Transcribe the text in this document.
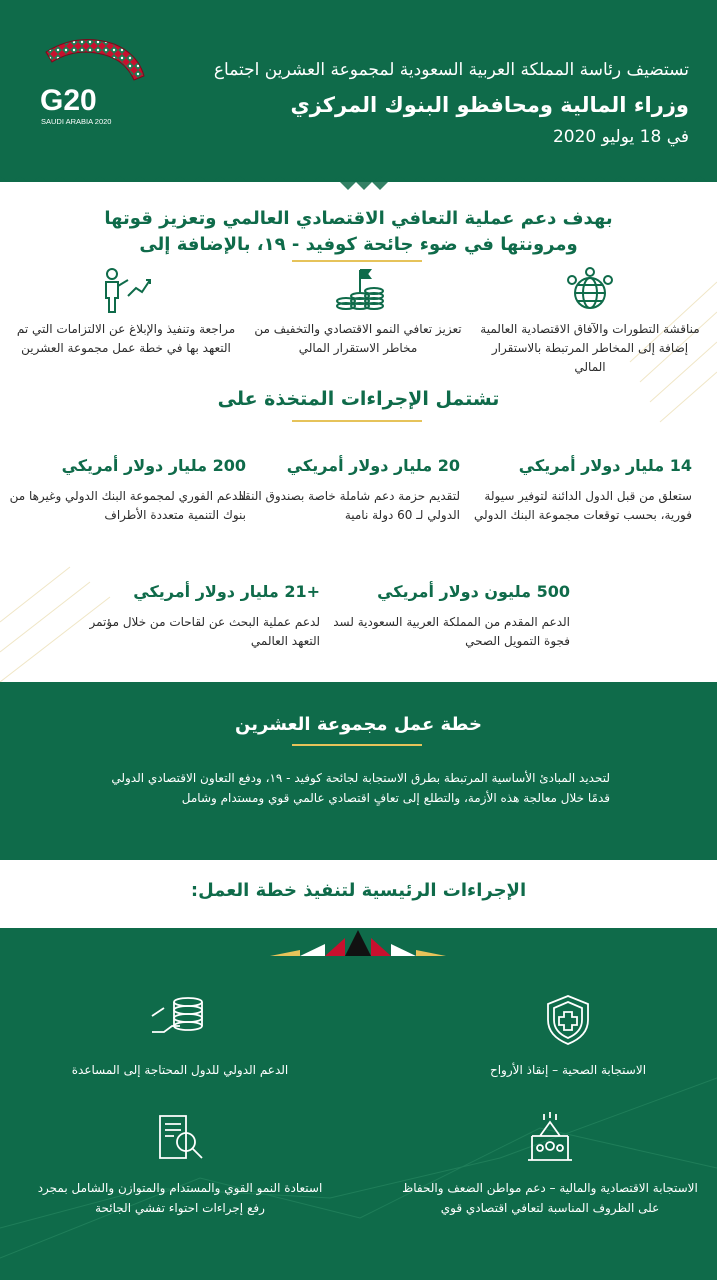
G20
SAUDI ARABIA 2020
تستضيف رئاسة المملكة العربية السعودية لمجموعة العشرين اجتماع
وزراء المالية ومحافظو البنوك المركزي
في 18 يوليو 2020
بهدف دعم عملية التعافي الاقتصادي العالمي وتعزيز قوتها
ومرونتها في ضوء جائحة كوفيد - ١٩، بالإضافة إلى
مناقشة التطورات والآفاق الاقتصادية العالمية إضافة إلى المخاطر المرتبطة بالاستقرار المالي
تعزيز تعافي النمو الاقتصادي والتخفيف من مخاطر الاستقرار المالي
مراجعة وتنفيذ والإبلاغ عن الالتزامات التي تم التعهد بها في خطة عمل مجموعة العشرين
تشتمل الإجراءات المتخذة على
14 مليار دولار أمريكي
ستعلق من قبل الدول الدائنة لتوفير سيولة فورية، بحسب توقعات مجموعة البنك الدولي
20 مليار دولار أمريكي
لتقديم حزمة دعم شاملة خاصة بصندوق النقد الدولي لـ 60 دولة نامية
200 مليار دولار أمريكي
للدعم الفوري لمجموعة البنك الدولي وغيرها من بنوك التنمية متعددة الأطراف
500 مليون دولار أمريكي
الدعم المقدم من المملكة العربية السعودية لسد فجوة التمويل الصحي
+21 مليار دولار أمريكي
لدعم عملية البحث عن لقاحات من خلال مؤتمر التعهد العالمي
خطة عمل مجموعة العشرين
لتحديد المبادئ الأساسية المرتبطة بطرق الاستجابة لجائحة كوفيد - ١٩، ودفع التعاون الاقتصادي الدولي قدمًا خلال معالجة هذه الأزمة، والتطلع إلى تعافٍ اقتصادي عالمي قوي ومستدام وشامل
الإجراءات الرئيسية لتنفيذ خطة العمل:
الاستجابة الصحية – إنقاذ الأرواح
الدعم الدولي للدول المحتاجة إلى المساعدة
الاستجابة الاقتصادية والمالية – دعم مواطن الضعف والحفاظ على الظروف المناسبة لتعافي اقتصادي قوي
استعادة النمو القوي والمستدام والمتوازن والشامل بمجرد رفع إجراءات احتواء تفشي الجائحة
